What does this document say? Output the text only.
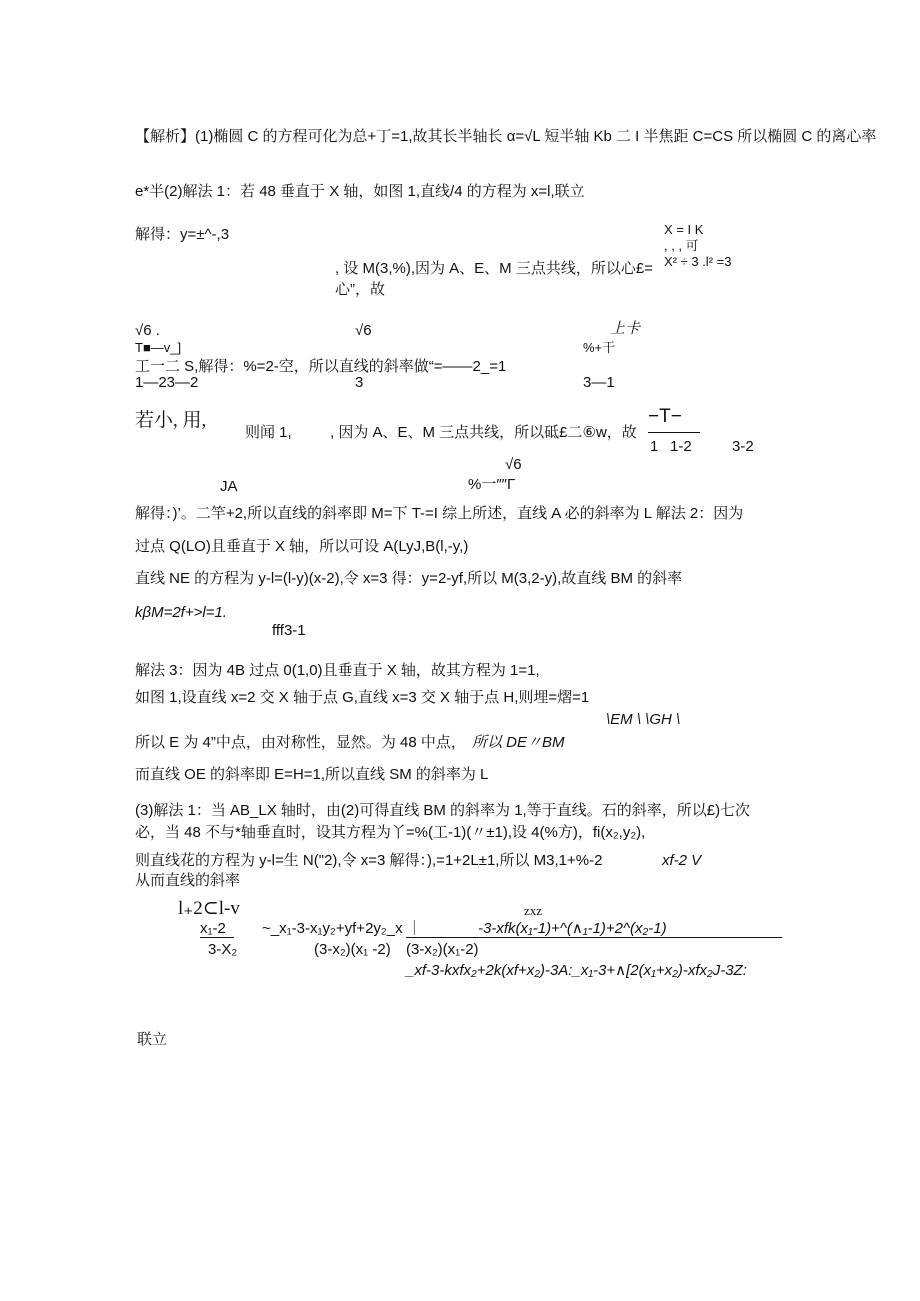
【解析】(1)椭圆 C 的方程可化为总+丁=1,故其长半轴长 α=√L 短半轴 Kb 二 I 半焦距 C=CS 所以椭圆 C 的离心率
e*半(2)解法 1：若 48 垂直于 X 轴，如图 1,直线/4 的方程为 x=l,联立
解得：y=±^-,3	X = I K
, , , 可
X² ÷ 3 .l² =3
, 设 M(3,%),因为 A、E、M 三点共线，所以心£=
心”，故
√6 .	√6	上卡
T■—v_]	%+干
工一二 S,解得：%=2-空，所以直线的斜率做“=——2_=1
1—23—2	3	3—1
若小, 用,
则闻 1,	, 因为 A、E、M 三点共线，所以砥£二⑥w，故
−T−
1 1-2	3-2
√6
JA	%一″″Γ
解得：)’。二竿+2,所以直线的斜率即 M=下 T-=I 综上所述，直线 A 必的斜率为 L 解法 2：因为
过点 Q(LO)且垂直于 X 轴，所以可设 A(LyJ,B(l,-y,)
直线 NE 的方程为 y-l=(l-y)(x-2),令 x=3 得：y=2-yf,所以 M(3,2-y),故直线 BM 的斜率
kβM=2f+>l=1.
fff3-1
解法 3：因为 4B 过点 0(1,0)且垂直于 X 轴，故其方程为 1=1,
如图 1,设直线 x=2 交 X 轴于点 G,直线 x=3 交 X 轴于点 H,则埋=熠=1
\EM \ \GH \
所以 E 为 4”中点，由对称性，显然。为 48 中点， 所以 DE〃BM
而直线 OE 的斜率即 E=H=1,所以直线 SM 的斜率为 L
(3)解法 1：当 AB_LX 轴时，由(2)可得直线 BM 的斜率为 1,等于直线。石的斜率，所以£)七次
必，当 48 不与*轴垂直时，设其方程为丫=%(工-1)(〃±1),设 4(%方)，fi(x₂,y₂),
则直线花的方程为 y-l=生 N("2),令 x=3 解得：),=1+2L±1,所以 M3,1+%-2	xf-2 V
从而直线的斜率
zxz
l₊2⊂l-v
x₁-2 ~_x₁-3-x₁y₂+yf+2y₂_x ｜	-3-xfk(x₁-1)+^(∧₁-1)+2^(x₂-1)
3-X₂	(3-x₂)(x₁ -2) (3-x₂)(x₁-2)
_xf-3-kxfx₂+2k(xf+x₂)-3A:_x₁-3+∧[2(x₁+x₂)-xfx₂J-3Z:
联立
